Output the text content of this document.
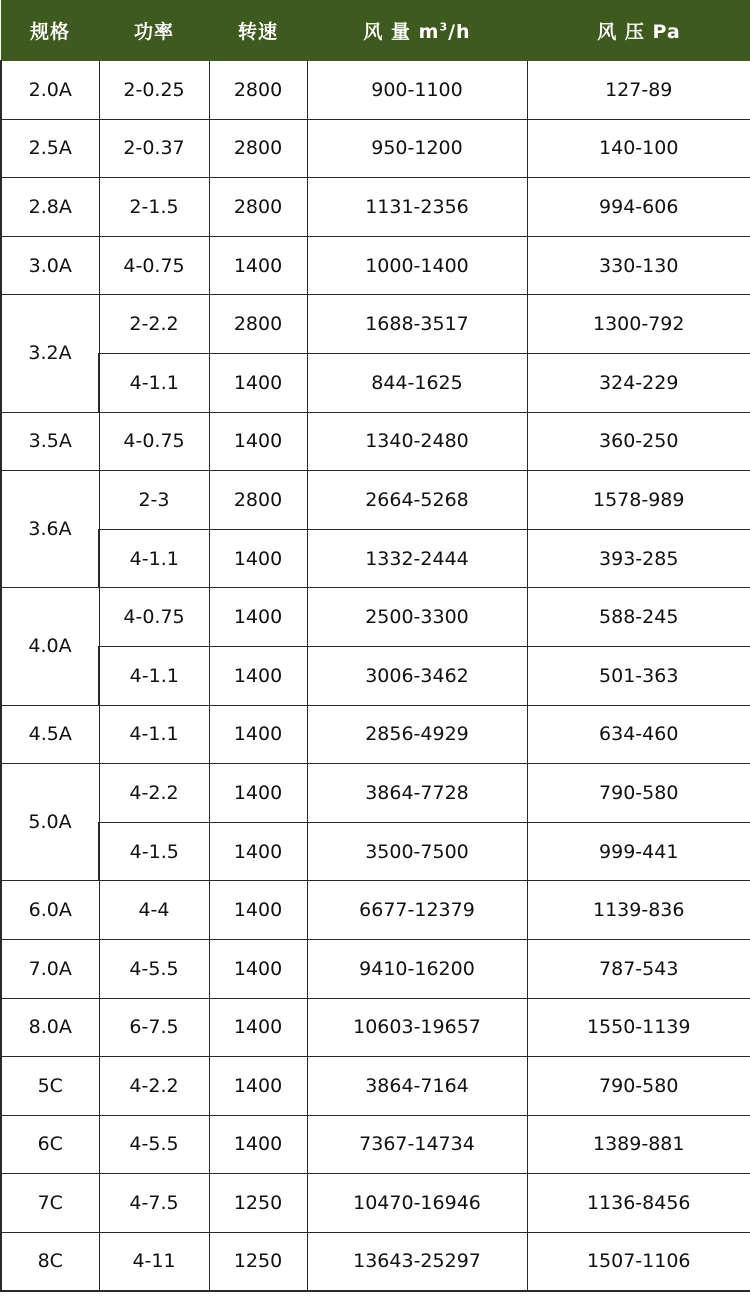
规格	功率	转速	风 量 $m^3/h$	风 压 Pa
2.0A	2-0.25	2800	900-1100	127-89
2.5A	2-0.37	2800	950-1200	140-100
2.8A	2-1.5	2800	1131-2356	994-606
3.0A	4-0.75	1400	1000-1400	330-130
3.2A	2-2.2	2800	1688-3517	1300-792
	4-1.1	1400	844-1625	324-229
3.5A	4-0.75	1400	1340-2480	360-250
3.6A	2-3	2800	2664-5268	1578-989
	4-1.1	1400	1332-2444	393-285
4.0A	4-0.75	1400	2500-3300	588-245
	4-1.1	1400	3006-3462	501-363
4.5A	4-1.1	1400	2856-4929	634-460
5.0A	4-2.2	1400	3864-7728	790-580
	4-1.5	1400	3500-7500	999-441
6.0A	4-4	1400	6677-12379	1139-836
7.0A	4-5.5	1400	9410-16200	787-543
8.0A	6-7.5	1400	10603-19657	1550-1139
5C	4-2.2	1400	3864-7164	790-580
6C	4-5.5	1400	7367-14734	1389-881
7C	4-7.5	1250	10470-16946	1136-8456
8C	4-11	1250	13643-25297	1507-1106
